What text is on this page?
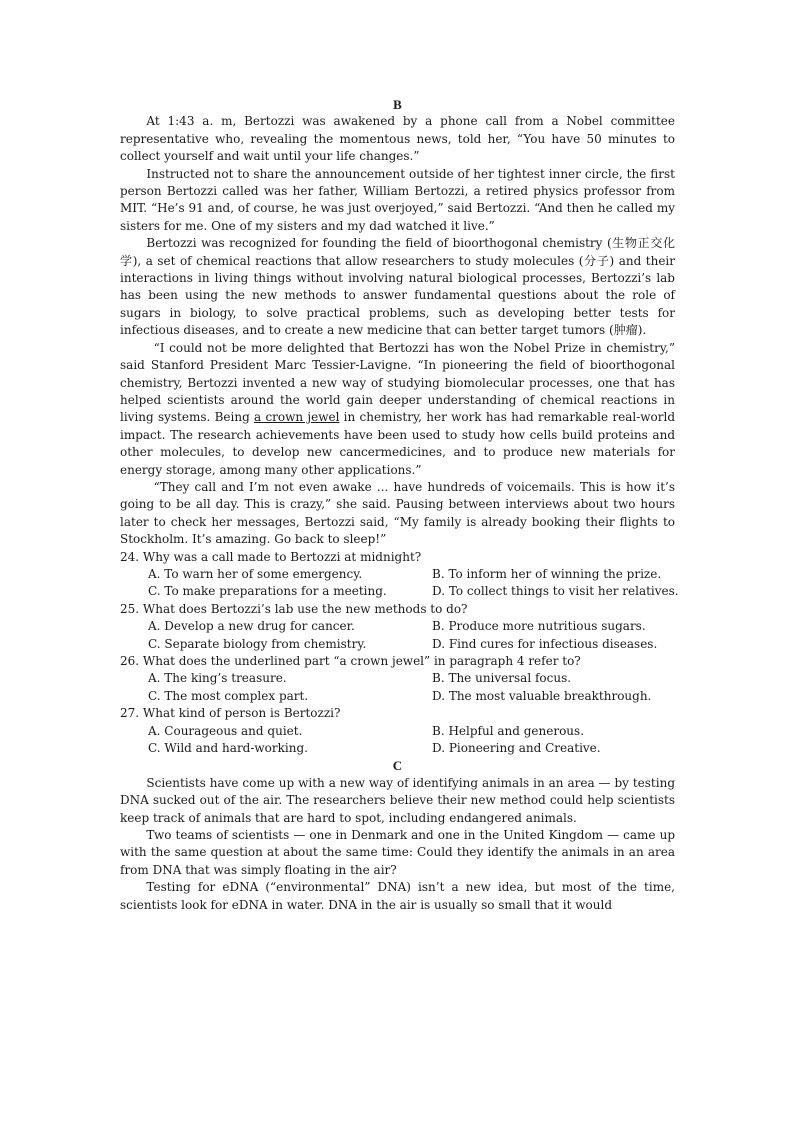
B

At 1:43 a. m, Bertozzi was awakened by a phone call from a Nobel committee representative who, revealing the momentous news, told her, “You have 50 minutes to collect yourself and wait until your life changes.”

Instructed not to share the announcement outside of her tightest inner circle, the first person Bertozzi called was her father, William Bertozzi, a retired physics professor from MIT. “He’s 91 and, of course, he was just overjoyed,” said Bertozzi. “And then he called my sisters for me. One of my sisters and my dad watched it live.”

Bertozzi was recognized for founding the field of bioorthogonal chemistry (生物正交化学), a set of chemical reactions that allow researchers to study molecules (分子) and their interactions in living things without involving natural biological processes, Bertozzi’s lab has been using the new methods to answer fundamental questions about the role of sugars in biology, to solve practical problems, such as developing better tests for infectious diseases, and to create a new medicine that can better target tumors (肿瘤).

“I could not be more delighted that Bertozzi has won the Nobel Prize in chemistry,” said Stanford President Marc Tessier-Lavigne. “In pioneering the field of bioorthogonal chemistry, Bertozzi invented a new way of studying biomolecular processes, one that has helped scientists around the world gain deeper understanding of chemical reactions in living systems. Being a crown jewel in chemistry, her work has had remarkable real-world impact. The research achievements have been used to study how cells build proteins and other molecules, to develop new cancermedicines, and to produce new materials for energy storage, among many other applications.”

“They call and I’m not even awake ... have hundreds of voicemails. This is how it’s going to be all day. This is crazy,” she said. Pausing between interviews about two hours later to check her messages, Bertozzi said, “My family is already booking their flights to Stockholm. It’s amazing. Go back to sleep!”

24. Why was a call made to Bertozzi at midnight?

A. To warn her of some emergency.	B. To inform her of winning the prize.
C. To make preparations for a meeting.	D. To collect things to visit her relatives.

25. What does Bertozzi’s lab use the new methods to do?

A. Develop a new drug for cancer.	B. Produce more nutritious sugars.
C. Separate biology from chemistry.	D. Find cures for infectious diseases.

26. What does the underlined part “a crown jewel” in paragraph 4 refer to?

A. The king’s treasure.	B. The universal focus.
C. The most complex part.	D. The most valuable breakthrough.

27. What kind of person is Bertozzi?

A. Courageous and quiet.	B. Helpful and generous.
C. Wild and hard-working.	D. Pioneering and Creative.
C

Scientists have come up with a new way of identifying animals in an area — by testing DNA sucked out of the air. The researchers believe their new method could help scientists keep track of animals that are hard to spot, including endangered animals.

Two teams of scientists — one in Denmark and one in the United Kingdom — came up with the same question at about the same time: Could they identify the animals in an area from DNA that was simply floating in the air?

Testing for eDNA (“environmental” DNA) isn’t a new idea, but most of the time, scientists look for eDNA in water. DNA in the air is usually so small that it would
